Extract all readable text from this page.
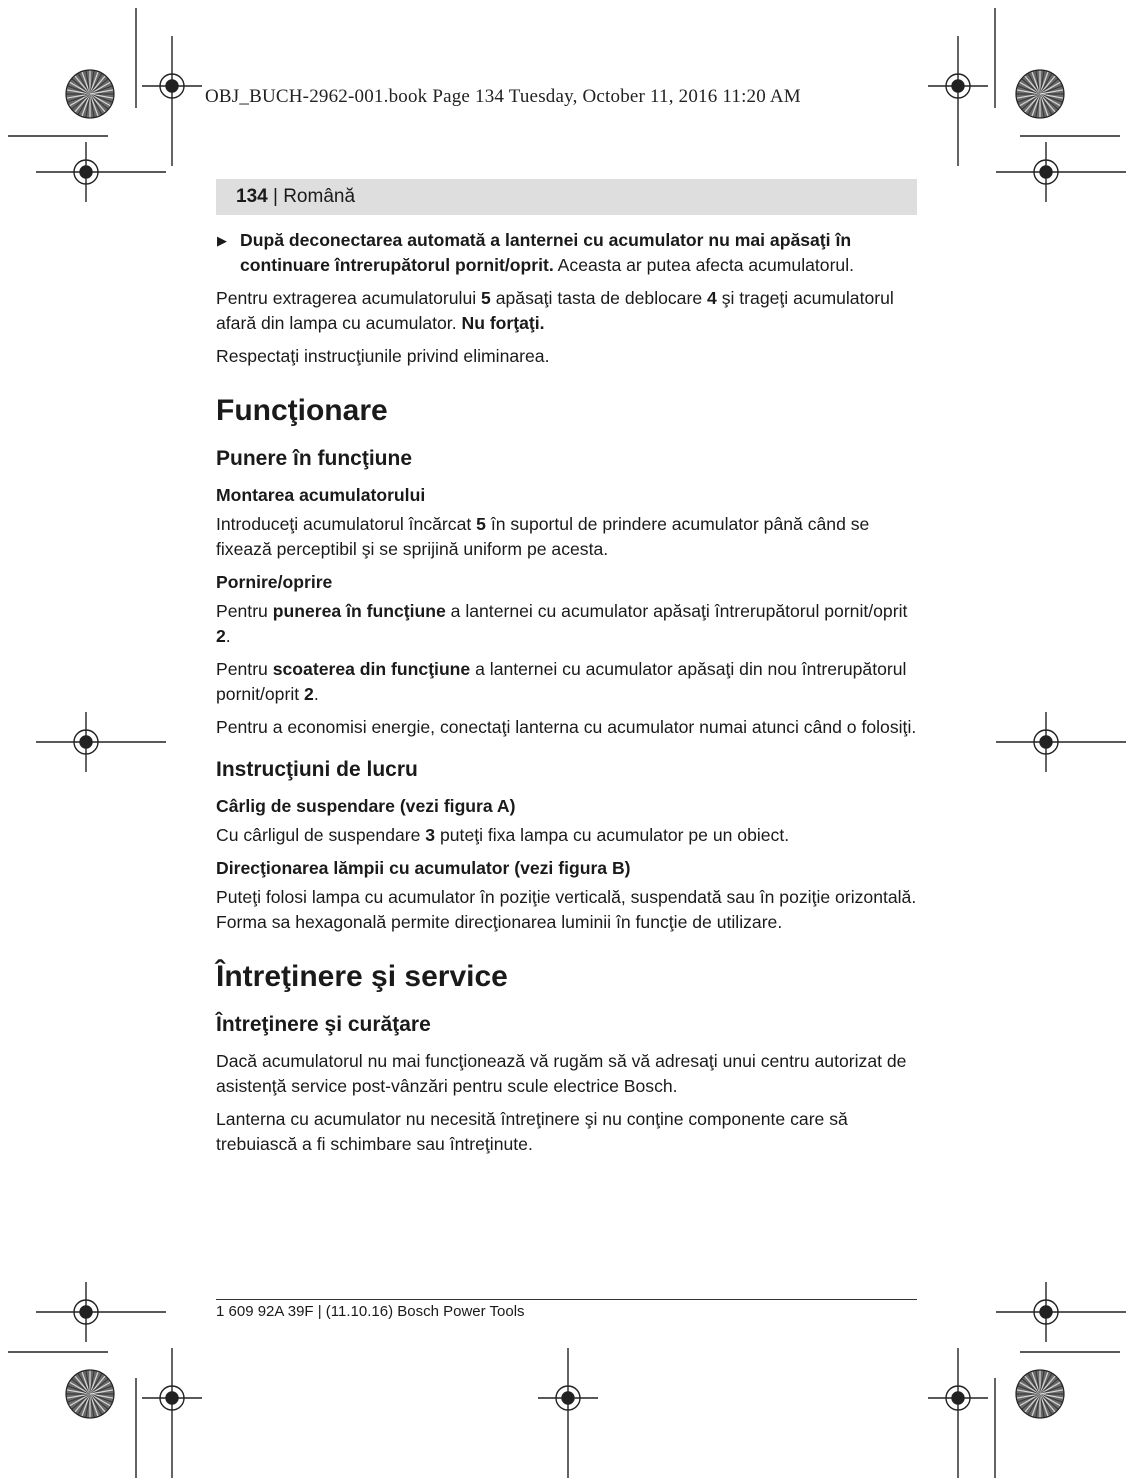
OBJ_BUCH-2962-001.book Page 134 Tuesday, October 11, 2016 11:20 AM
134 | Română

▶ După deconectarea automată a lanternei cu acumulator nu mai apăsaţi în continuare întrerupătorul pornit/oprit. Aceasta ar putea afecta acumulatorul.

Pentru extragerea acumulatorului 5 apăsaţi tasta de deblocare 4 şi trageţi acumulatorul afară din lampa cu acumulator. Nu forţaţi.

Respectaţi instrucţiunile privind eliminarea.

Funcţionare
Punere în funcţiune
Montarea acumulatorului

Introduceţi acumulatorul încărcat 5 în suportul de prindere acumulator până când se fixează perceptibil şi se sprijină uniform pe acesta.

Pornire/oprire

Pentru punerea în funcţiune a lanternei cu acumulator apăsaţi întrerupătorul pornit/oprit 2.

Pentru scoaterea din funcţiune a lanternei cu acumulator apăsaţi din nou întrerupătorul pornit/oprit 2.

Pentru a economisi energie, conectaţi lanterna cu acumulator numai atunci când o folosiţi.

Instrucţiuni de lucru
Cârlig de suspendare (vezi figura A)

Cu cârligul de suspendare 3 puteţi fixa lampa cu acumulator pe un obiect.

Direcţionarea lămpii cu acumulator (vezi figura B)

Puteţi folosi lampa cu acumulator în poziţie verticală, suspendată sau în poziţie orizontală. Forma sa hexagonală permite direcţionarea luminii în funcţie de utilizare.

Întreţinere şi service
Întreţinere şi curăţare

Dacă acumulatorul nu mai funcţionează vă rugăm să vă adresaţi unui centru autorizat de asistenţă service post-vânzări pentru scule electrice Bosch.

Lanterna cu acumulator nu necesită întreţinere şi nu conţine componente care să trebuiască a fi schimbare sau întreţinute.

1 609 92A 39F | (11.10.16) Bosch Power Tools
